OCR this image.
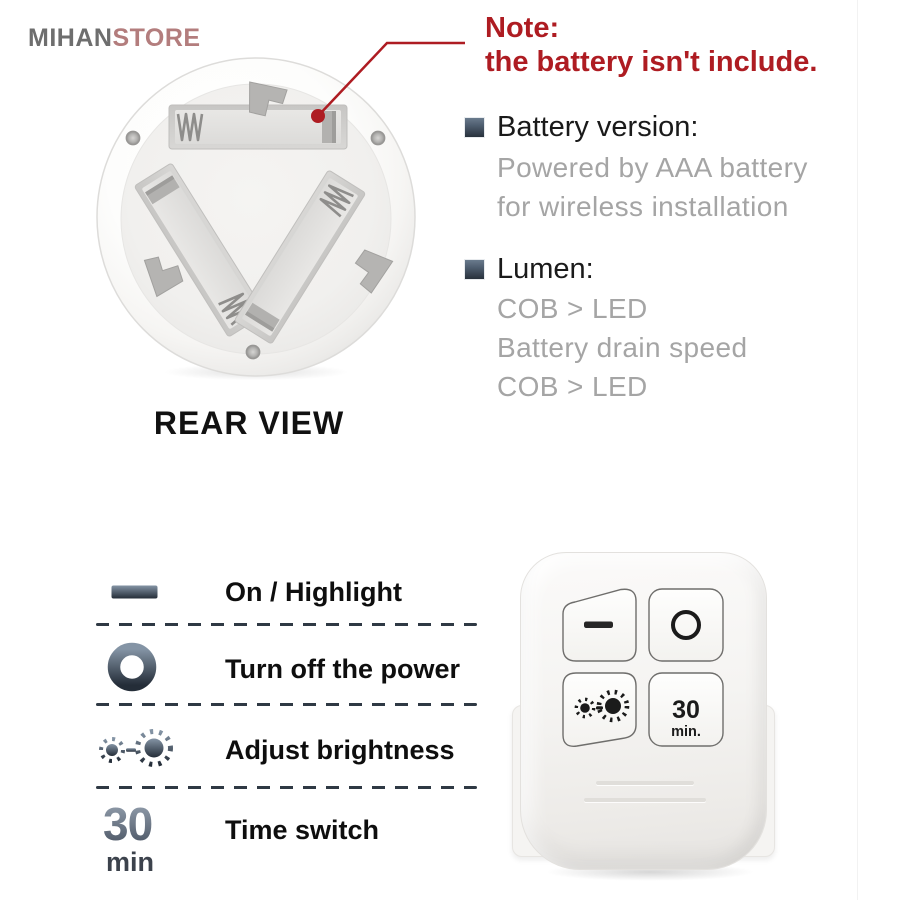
MIHANSTORE	Note:
the battery isn't include.
Battery version:
Powered by AAA battery
for wireless installation
Lumen:
COB > LED
Battery drain speed
COB > LED
REAR VIEW
On / Highlight
Turn off the power
Adjust brightness
30
min
Time switch
30
min.
